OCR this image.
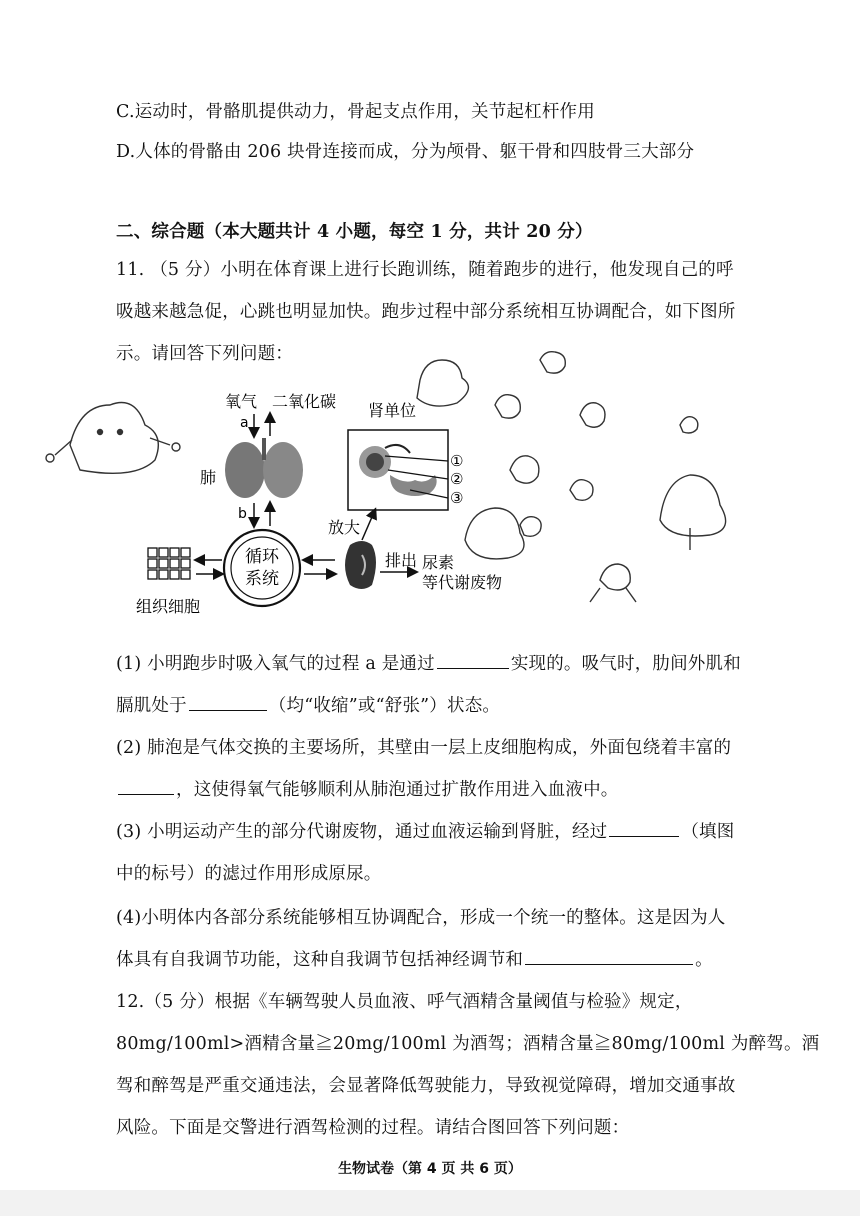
C.运动时，骨骼肌提供动力，骨起支点作用，关节起杠杆作用
D.人体的骨骼由 206 块骨连接而成，分为颅骨、躯干骨和四肢骨三大部分
二、综合题（本大题共计 4 小题，每空 1 分，共计 20 分）
11. （5 分）小明在体育课上进行长跑训练，随着跑步的进行，他发现自己的呼
吸越来越急促，心跳也明显加快。跑步过程中部分系统相互协调配合，如下图所
示。请回答下列问题：
氧气 二氧化碳
a
肺
b
循环
系统
组织细胞
放大
排出 尿素
等代谢废物
肾单位
①
②
③
(1) 小明跑步时吸入氧气的过程 a 是通过	实现的。吸气时，肋间外肌和
膈肌处于	（均“收缩”或“舒张”）状态。
(2) 肺泡是气体交换的主要场所，其壁由一层上皮细胞构成，外面包绕着丰富的
，这使得氧气能够顺利从肺泡通过扩散作用进入血液中。
(3) 小明运动产生的部分代谢废物，通过血液运输到肾脏，经过	（填图
中的标号）的滤过作用形成原尿。
(4)小明体内各部分系统能够相互协调配合，形成一个统一的整体。这是因为人
体具有自我调节功能，这种自我调节包括神经调节和	。
12.（5 分）根据《车辆驾驶人员血液、呼气酒精含量阈值与检验》规定，
80mg/100ml>酒精含量≧20mg/100ml 为酒驾；酒精含量≧80mg/100ml 为醉驾。酒
驾和醉驾是严重交通违法，会显著降低驾驶能力，导致视觉障碍，增加交通事故
风险。下面是交警进行酒驾检测的过程。请结合图回答下列问题：
生物试卷（第 4 页 共 6 页）
